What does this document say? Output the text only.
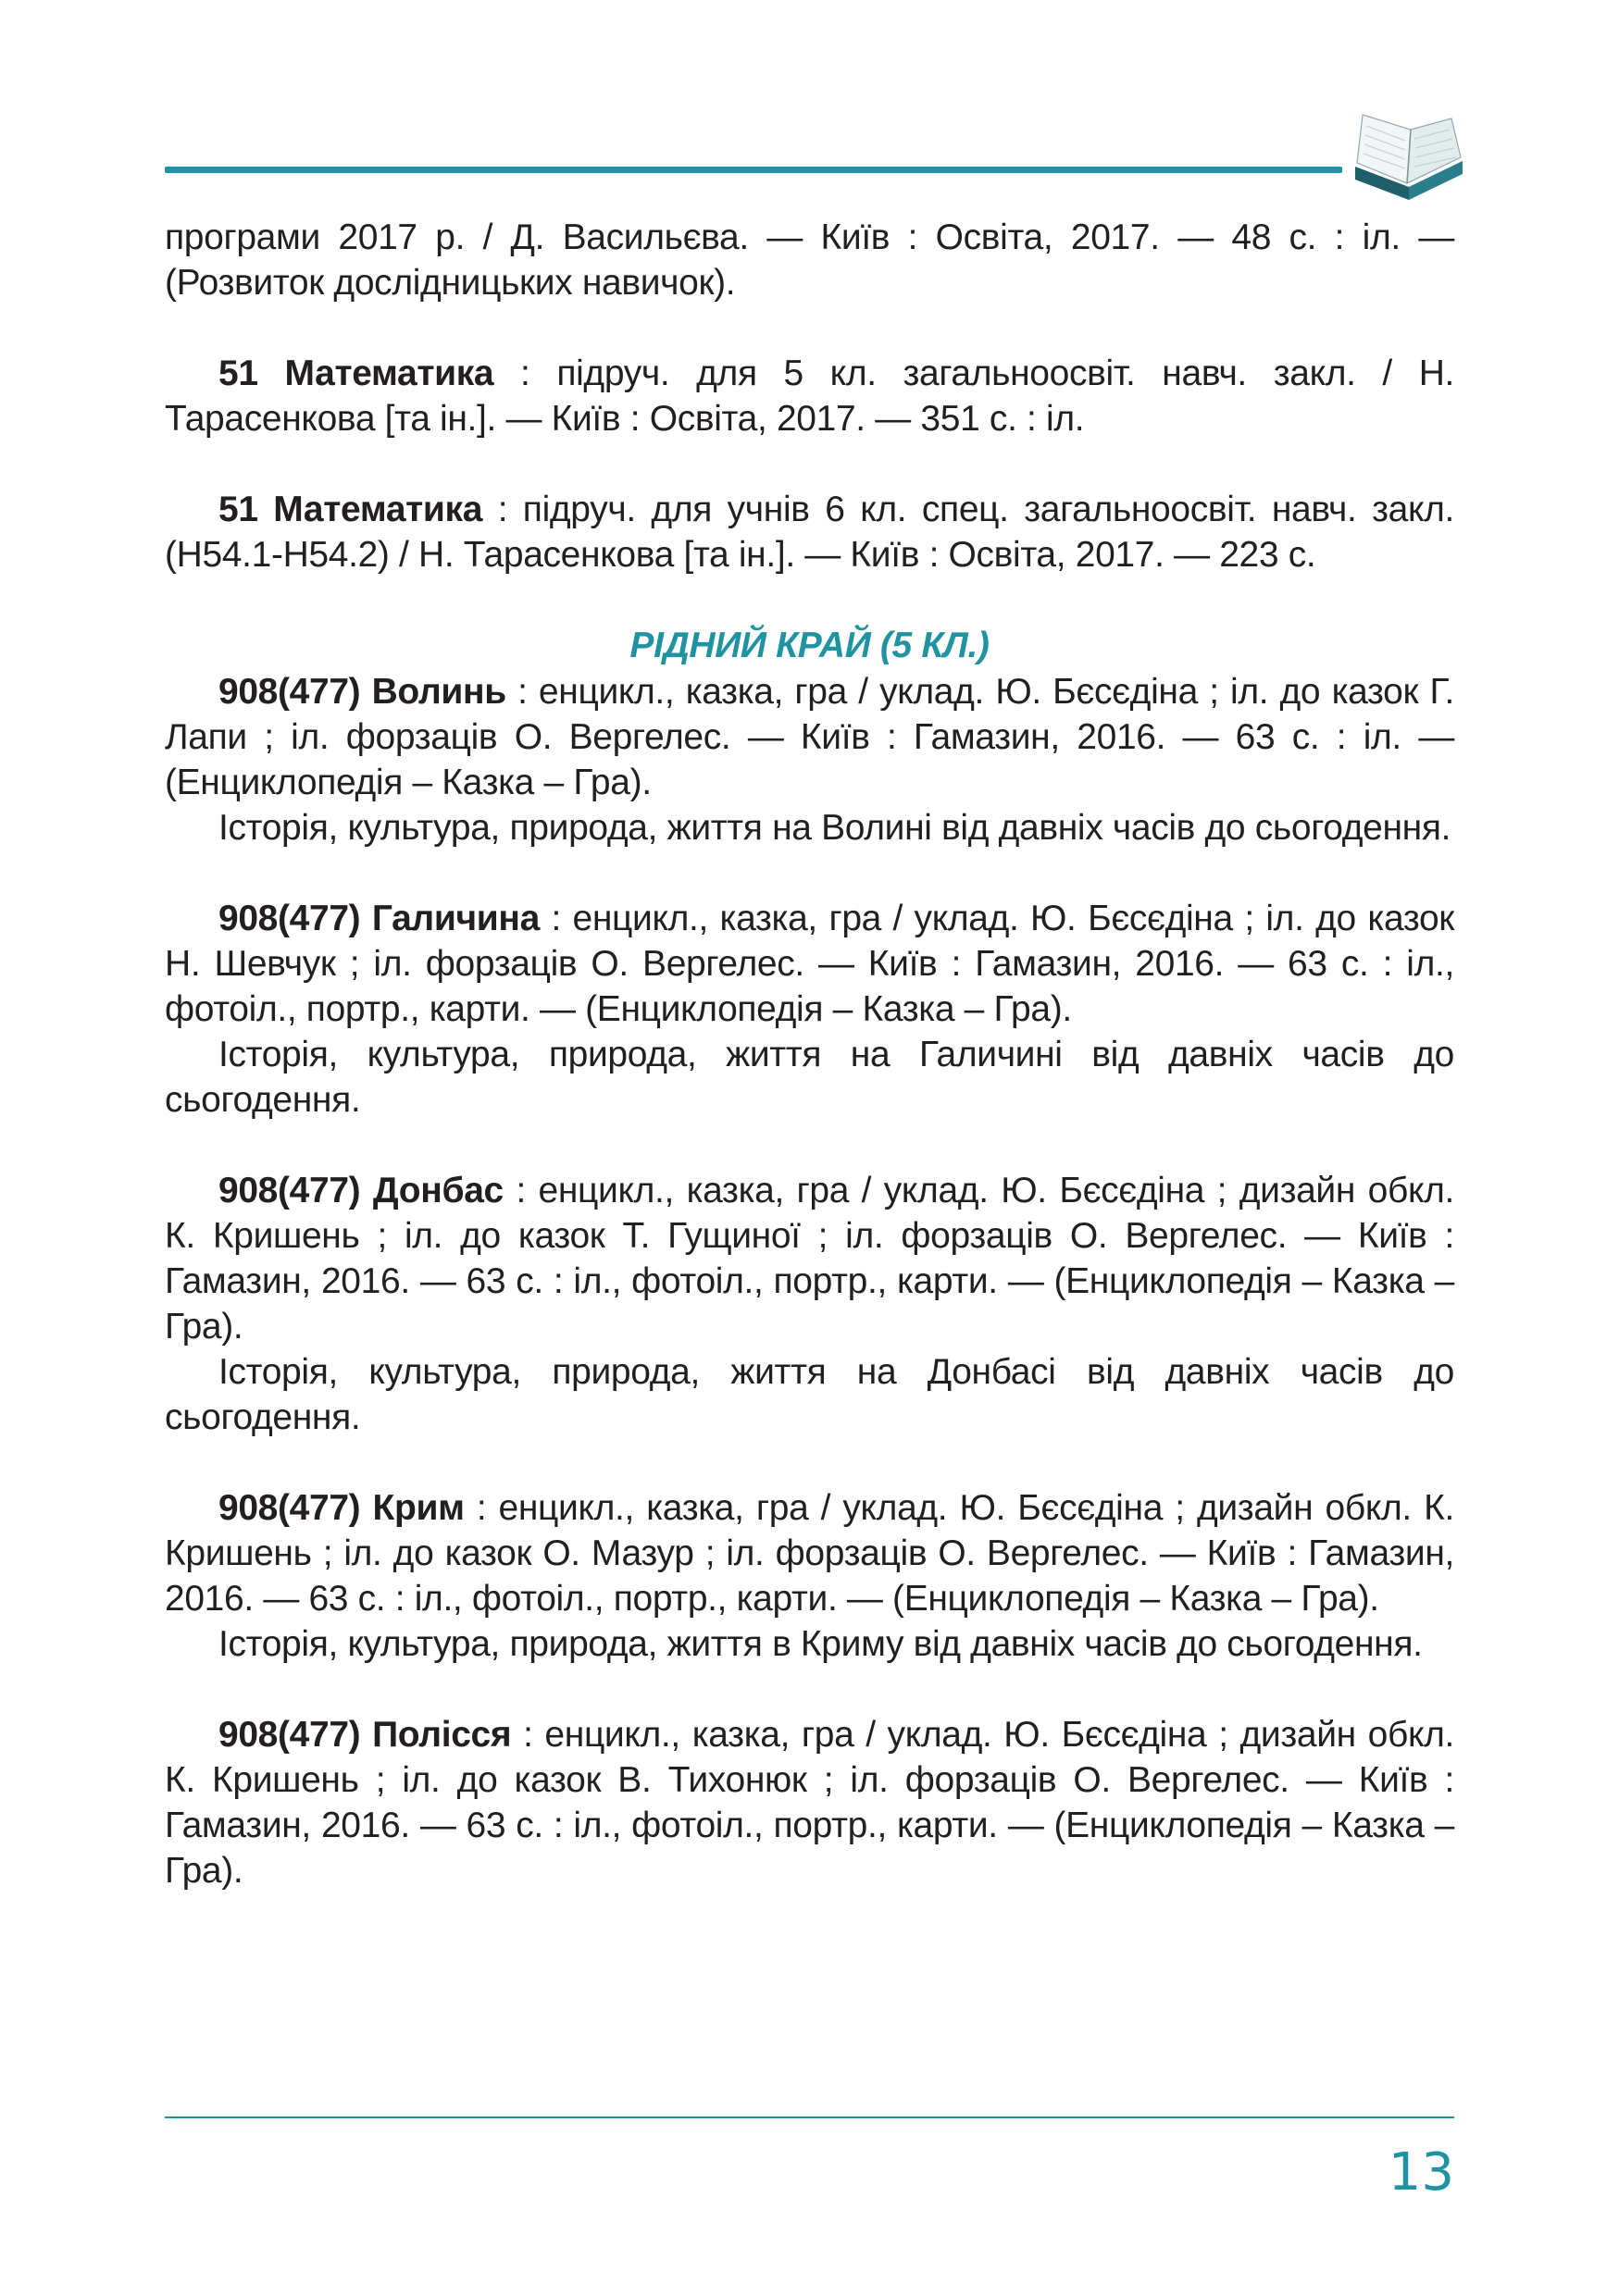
програми 2017 р. / Д. Васильєва. — Київ : Освіта, 2017. — 48 с. : іл. — (Розвиток дослідницьких навичок).

51 Математика : підруч. для 5 кл. загальноосвіт. навч. закл. / Н. Тарасенкова [та ін.]. — Київ : Освіта, 2017. — 351 с. : іл.

51 Математика : підруч. для учнів 6 кл. спец. загальноосвіт. навч. закл. (Н54.1-Н54.2) / Н. Тарасенкова [та ін.]. — Київ : Освіта, 2017. — 223 с.

РІДНИЙ КРАЙ (5 КЛ.)

908(477) Волинь : енцикл., казка, гра / уклад. Ю. Бєсєдіна ; іл. до казок Г. Лапи ; іл. форзаців О. Вергелес. — Київ : Гамазин, 2016. — 63 с. : іл. — (Енциклопедія – Казка – Гра).

Історія, культура, природа, життя на Волині від давніх часів до сьогодення.

908(477) Галичина : енцикл., казка, гра / уклад. Ю. Бєсєдіна ; іл. до казок Н. Шевчук ; іл. форзаців О. Вергелес. — Київ : Гамазин, 2016. — 63 с. : іл., фотоіл., портр., карти. — (Енциклопедія – Казка – Гра).

Історія, культура, природа, життя на Галичині від давніх часів до сьогодення.

908(477) Донбас : енцикл., казка, гра / уклад. Ю. Бєсєдіна ; дизайн обкл. К. Кришень ; іл. до казок Т. Гущиної ; іл. форзаців О. Вергелес. — Київ : Гамазин, 2016. — 63 с. : іл., фотоіл., портр., карти. — (Енциклопедія – Казка – Гра).

Історія, культура, природа, життя на Донбасі від давніх часів до сьогодення.

908(477) Крим : енцикл., казка, гра / уклад. Ю. Бєсєдіна ; дизайн обкл. К. Кришень ; іл. до казок О. Мазур ; іл. форзаців О. Вергелес. — Київ : Гамазин, 2016. — 63 с. : іл., фотоіл., портр., карти. — (Енциклопедія – Казка – Гра).

Історія, культура, природа, життя в Криму від давніх часів до сьогодення.

908(477) Полісся : енцикл., казка, гра / уклад. Ю. Бєсєдіна ; дизайн обкл. К. Кришень ; іл. до казок В. Тихонюк ; іл. форзаців О. Вергелес. — Київ : Гамазин, 2016. — 63 с. : іл., фотоіл., портр., карти. — (Енциклопедія – Казка – Гра).

13
